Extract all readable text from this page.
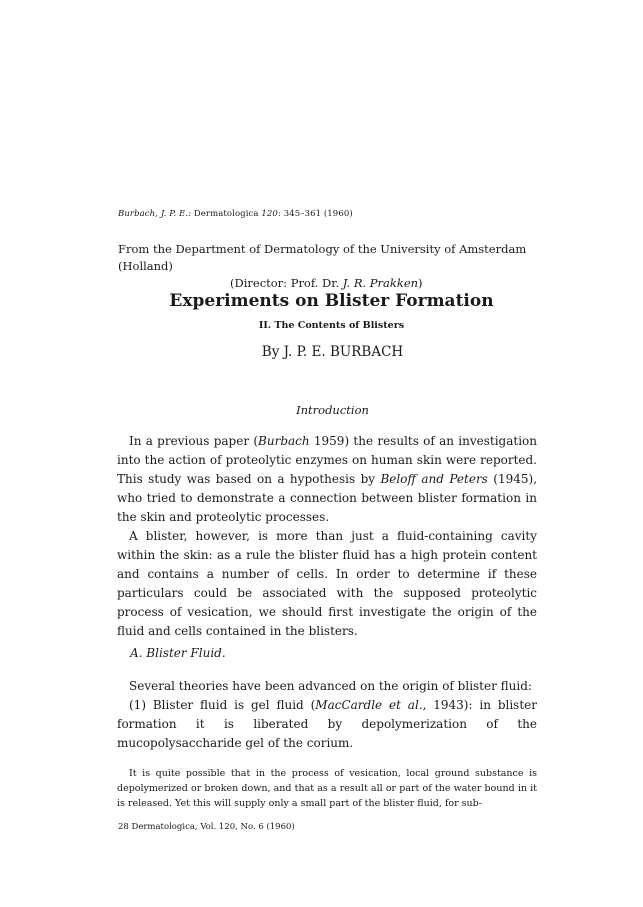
Burbach, J. P. E.: Dermatologica 120: 345–361 (1960)
From the Department of Dermatology of the University of Amsterdam (Holland)
(Director: Prof. Dr. J. R. Prakken)
Experiments on Blister Formation
II. The Contents of Blisters
By J. P. E. BURBACH
Introduction

In a previous paper (Burbach 1959) the results of an investigation into the action of proteolytic enzymes on human skin were reported. This study was based on a hypothesis by Beloff and Peters (1945), who tried to demonstrate a connection between blister formation in the skin and proteolytic processes.

A blister, however, is more than just a fluid-containing cavity within the skin: as a rule the blister fluid has a high protein content and contains a number of cells. In order to determine if these particulars could be associated with the supposed proteolytic process of vesication, we should first investigate the origin of the fluid and cells contained in the blisters.

A. Blister Fluid.

Several theories have been advanced on the origin of blister fluid:

(1) Blister fluid is gel fluid (MacCardle et al., 1943): in blister formation it is liberated by depolymerization of the mucopolysaccharide gel of the corium.

It is quite possible that in the process of vesication, local ground substance is depolymerized or broken down, and that as a result all or part of the water bound in it is released. Yet this will supply only a small part of the blister fluid, for sub-

28 Dermatologica, Vol. 120, No. 6 (1960)
